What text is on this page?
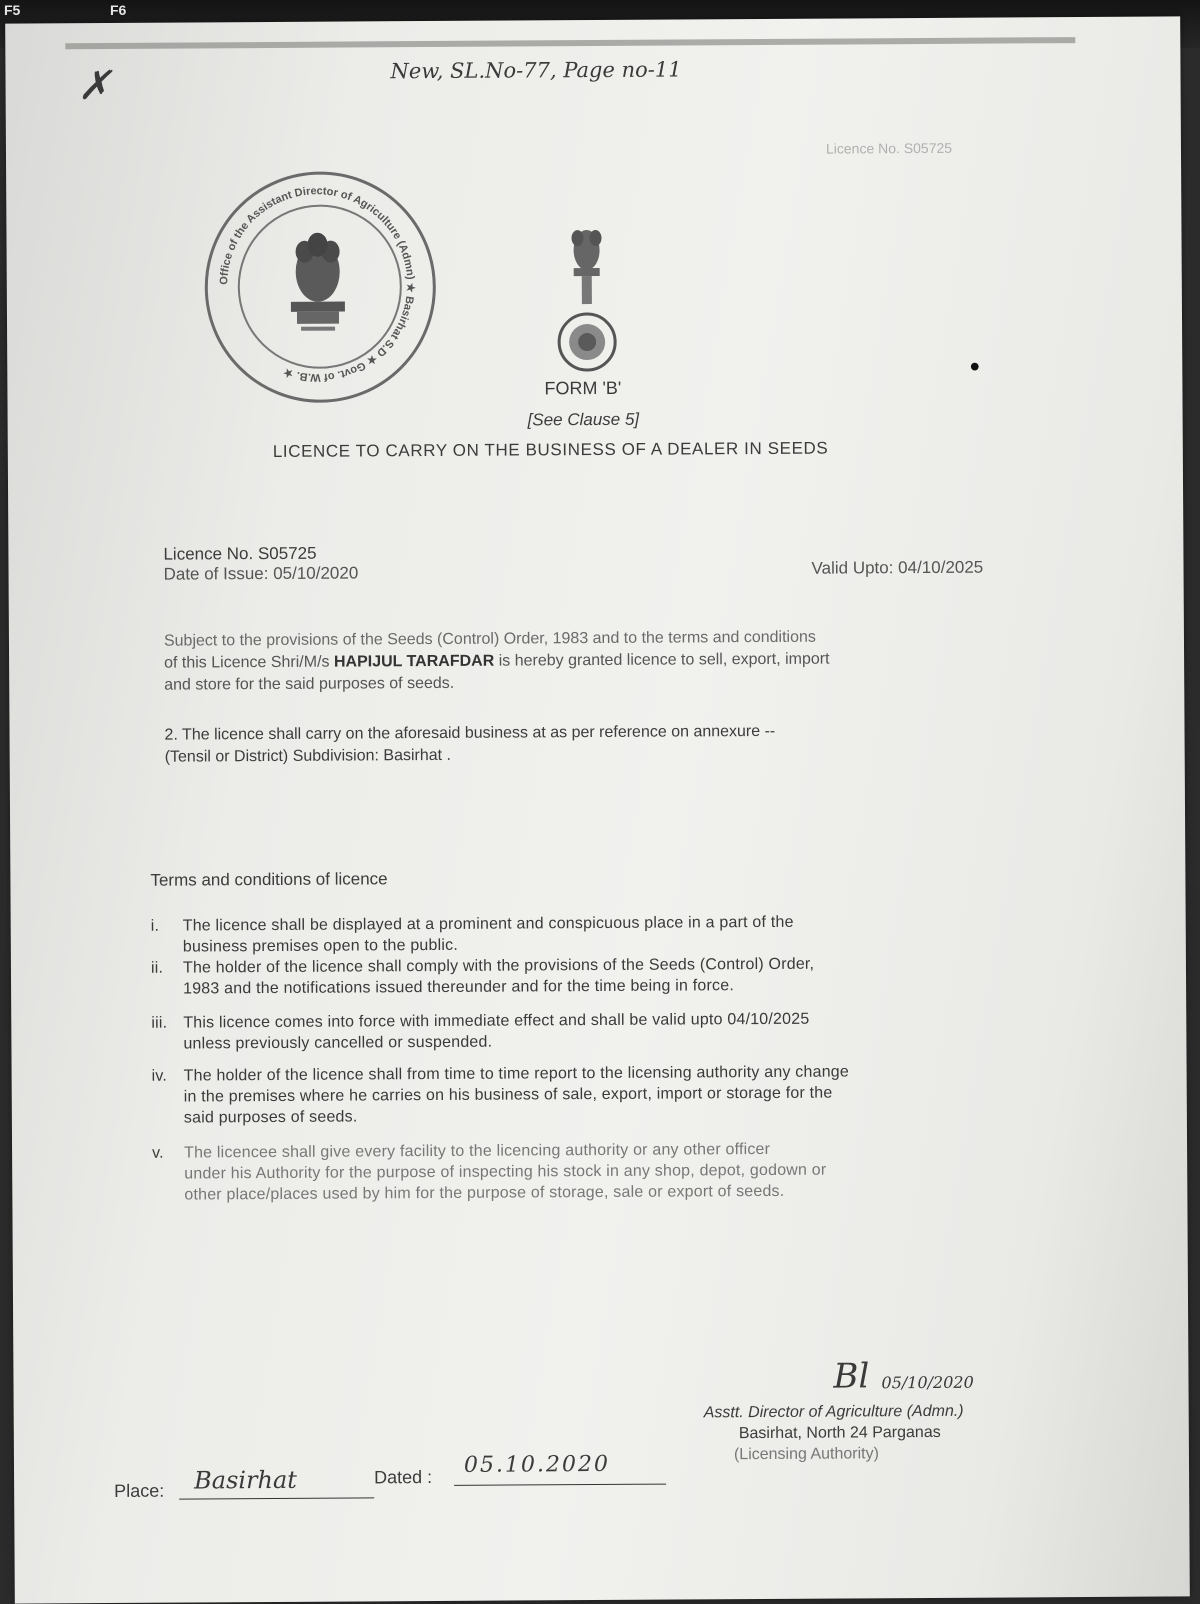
F5	F6
✗	New, SL.No-77, Page no-11
Licence No. S05725
Office of the Assistant Director of Agriculture (Admn) ★ Basirhat S.D ★ Govt. of W.B. ★	●
FORM 'B'
[See Clause 5]
LICENCE TO CARRY ON THE BUSINESS OF A DEALER IN SEEDS
Licence No. S05725
Date of Issue: 05/10/2020	Valid Upto: 04/10/2025
Subject to the provisions of the Seeds (Control) Order, 1983 and to the terms and conditions
of this Licence Shri/M/s HAPIJUL TARAFDAR is hereby granted licence to sell, export, import
and store for the said purposes of seeds.
2. The licence shall carry on the aforesaid business at as per reference on annexure --
(Tensil or District) Subdivision: Basirhat .
Terms and conditions of licence
i. The licence shall be displayed at a prominent and conspicuous place in a part of the
business premises open to the public.
ii. The holder of the licence shall comply with the provisions of the Seeds (Control) Order,
1983 and the notifications issued thereunder and for the time being in force.
iii. This licence comes into force with immediate effect and shall be valid upto 04/10/2025
unless previously cancelled or suspended.
iv. The holder of the licence shall from time to time report to the licensing authority any change
in the premises where he carries on his business of sale, export, import or storage for the
said purposes of seeds.
v. The licencee shall give every facility to the licencing authority or any other officer
under his Authority for the purpose of inspecting his stock in any shop, depot, godown or
other place/places used by him for the purpose of storage, sale or export of seeds.
Bl 05/10/2020
Asstt. Director of Agriculture (Admn.)
Basirhat, North 24 Parganas
(Licensing Authority)
Place: Basirhat	Dated : 05.10.2020
